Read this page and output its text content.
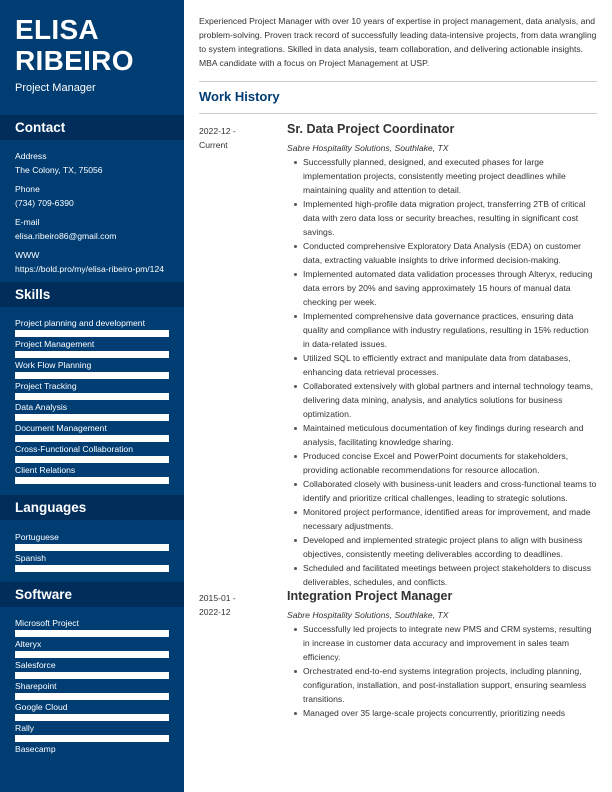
ELISA
RIBEIRO
Project Manager
Contact
Address
The Colony, TX, 75056
Phone
(734) 709-6390
E-mail
elisa.ribeiro86@gmail.com
WWW
https://bold.pro/my/elisa-ribeiro-pm/124
Skills
Project planning and development
Project Management
Work Flow Planning
Project Tracking
Data Analysis
Document Management
Cross-Functional Collaboration
Client Relations
Languages
Portuguese
Spanish
Software
Microsoft Project
Alteryx
Salesforce
Sharepoint
Google Cloud
Rally
Basecamp

Experienced Project Manager with over 10 years of expertise in project management, data analysis, and problem-solving. Proven track record of successfully leading data-intensive projects, from data wrangling to system integrations. Skilled in data analysis, team collaboration, and delivering actionable insights. MBA candidate with a focus on Project Management at USP.

Work History
2022-12 -
Current
Sr. Data Project Coordinator
Sabre Hospitality Solutions, Southlake, TX
Successfully planned, designed, and executed phases for large implementation projects, consistently meeting project deadlines while maintaining quality and attention to detail.
Implemented high-profile data migration project, transferring 2TB of critical data with zero data loss or security breaches, resulting in significant cost savings.
Conducted comprehensive Exploratory Data Analysis (EDA) on customer data, extracting valuable insights to drive informed decision-making.
Implemented automated data validation processes through Alteryx, reducing data errors by 20% and saving approximately 15 hours of manual data checking per week.
Implemented comprehensive data governance practices, ensuring data quality and compliance with industry regulations, resulting in 15% reduction in data-related issues.
Utilized SQL to efficiently extract and manipulate data from databases, enhancing data retrieval processes.
Collaborated extensively with global partners and internal technology teams, delivering data mining, analysis, and analytics solutions for business optimization.
Maintained meticulous documentation of key findings during research and analysis, facilitating knowledge sharing.
Produced concise Excel and PowerPoint documents for stakeholders, providing actionable recommendations for resource allocation.
Collaborated closely with business-unit leaders and cross-functional teams to identify and prioritize critical challenges, leading to strategic solutions.
Monitored project performance, identified areas for improvement, and made necessary adjustments.
Developed and implemented strategic project plans to align with business objectives, consistently meeting deliverables according to deadlines.
Scheduled and facilitated meetings between project stakeholders to discuss deliverables, schedules, and conflicts.
2015-01 -
2022-12
Integration Project Manager
Sabre Hospitality Solutions, Southlake, TX
Successfully led projects to integrate new PMS and CRM systems, resulting in increase in customer data accuracy and improvement in sales team efficiency.
Orchestrated end-to-end systems integration projects, including planning, configuration, installation, and post-installation support, ensuring seamless transitions.
Managed over 35 large-scale projects concurrently, prioritizing needs
